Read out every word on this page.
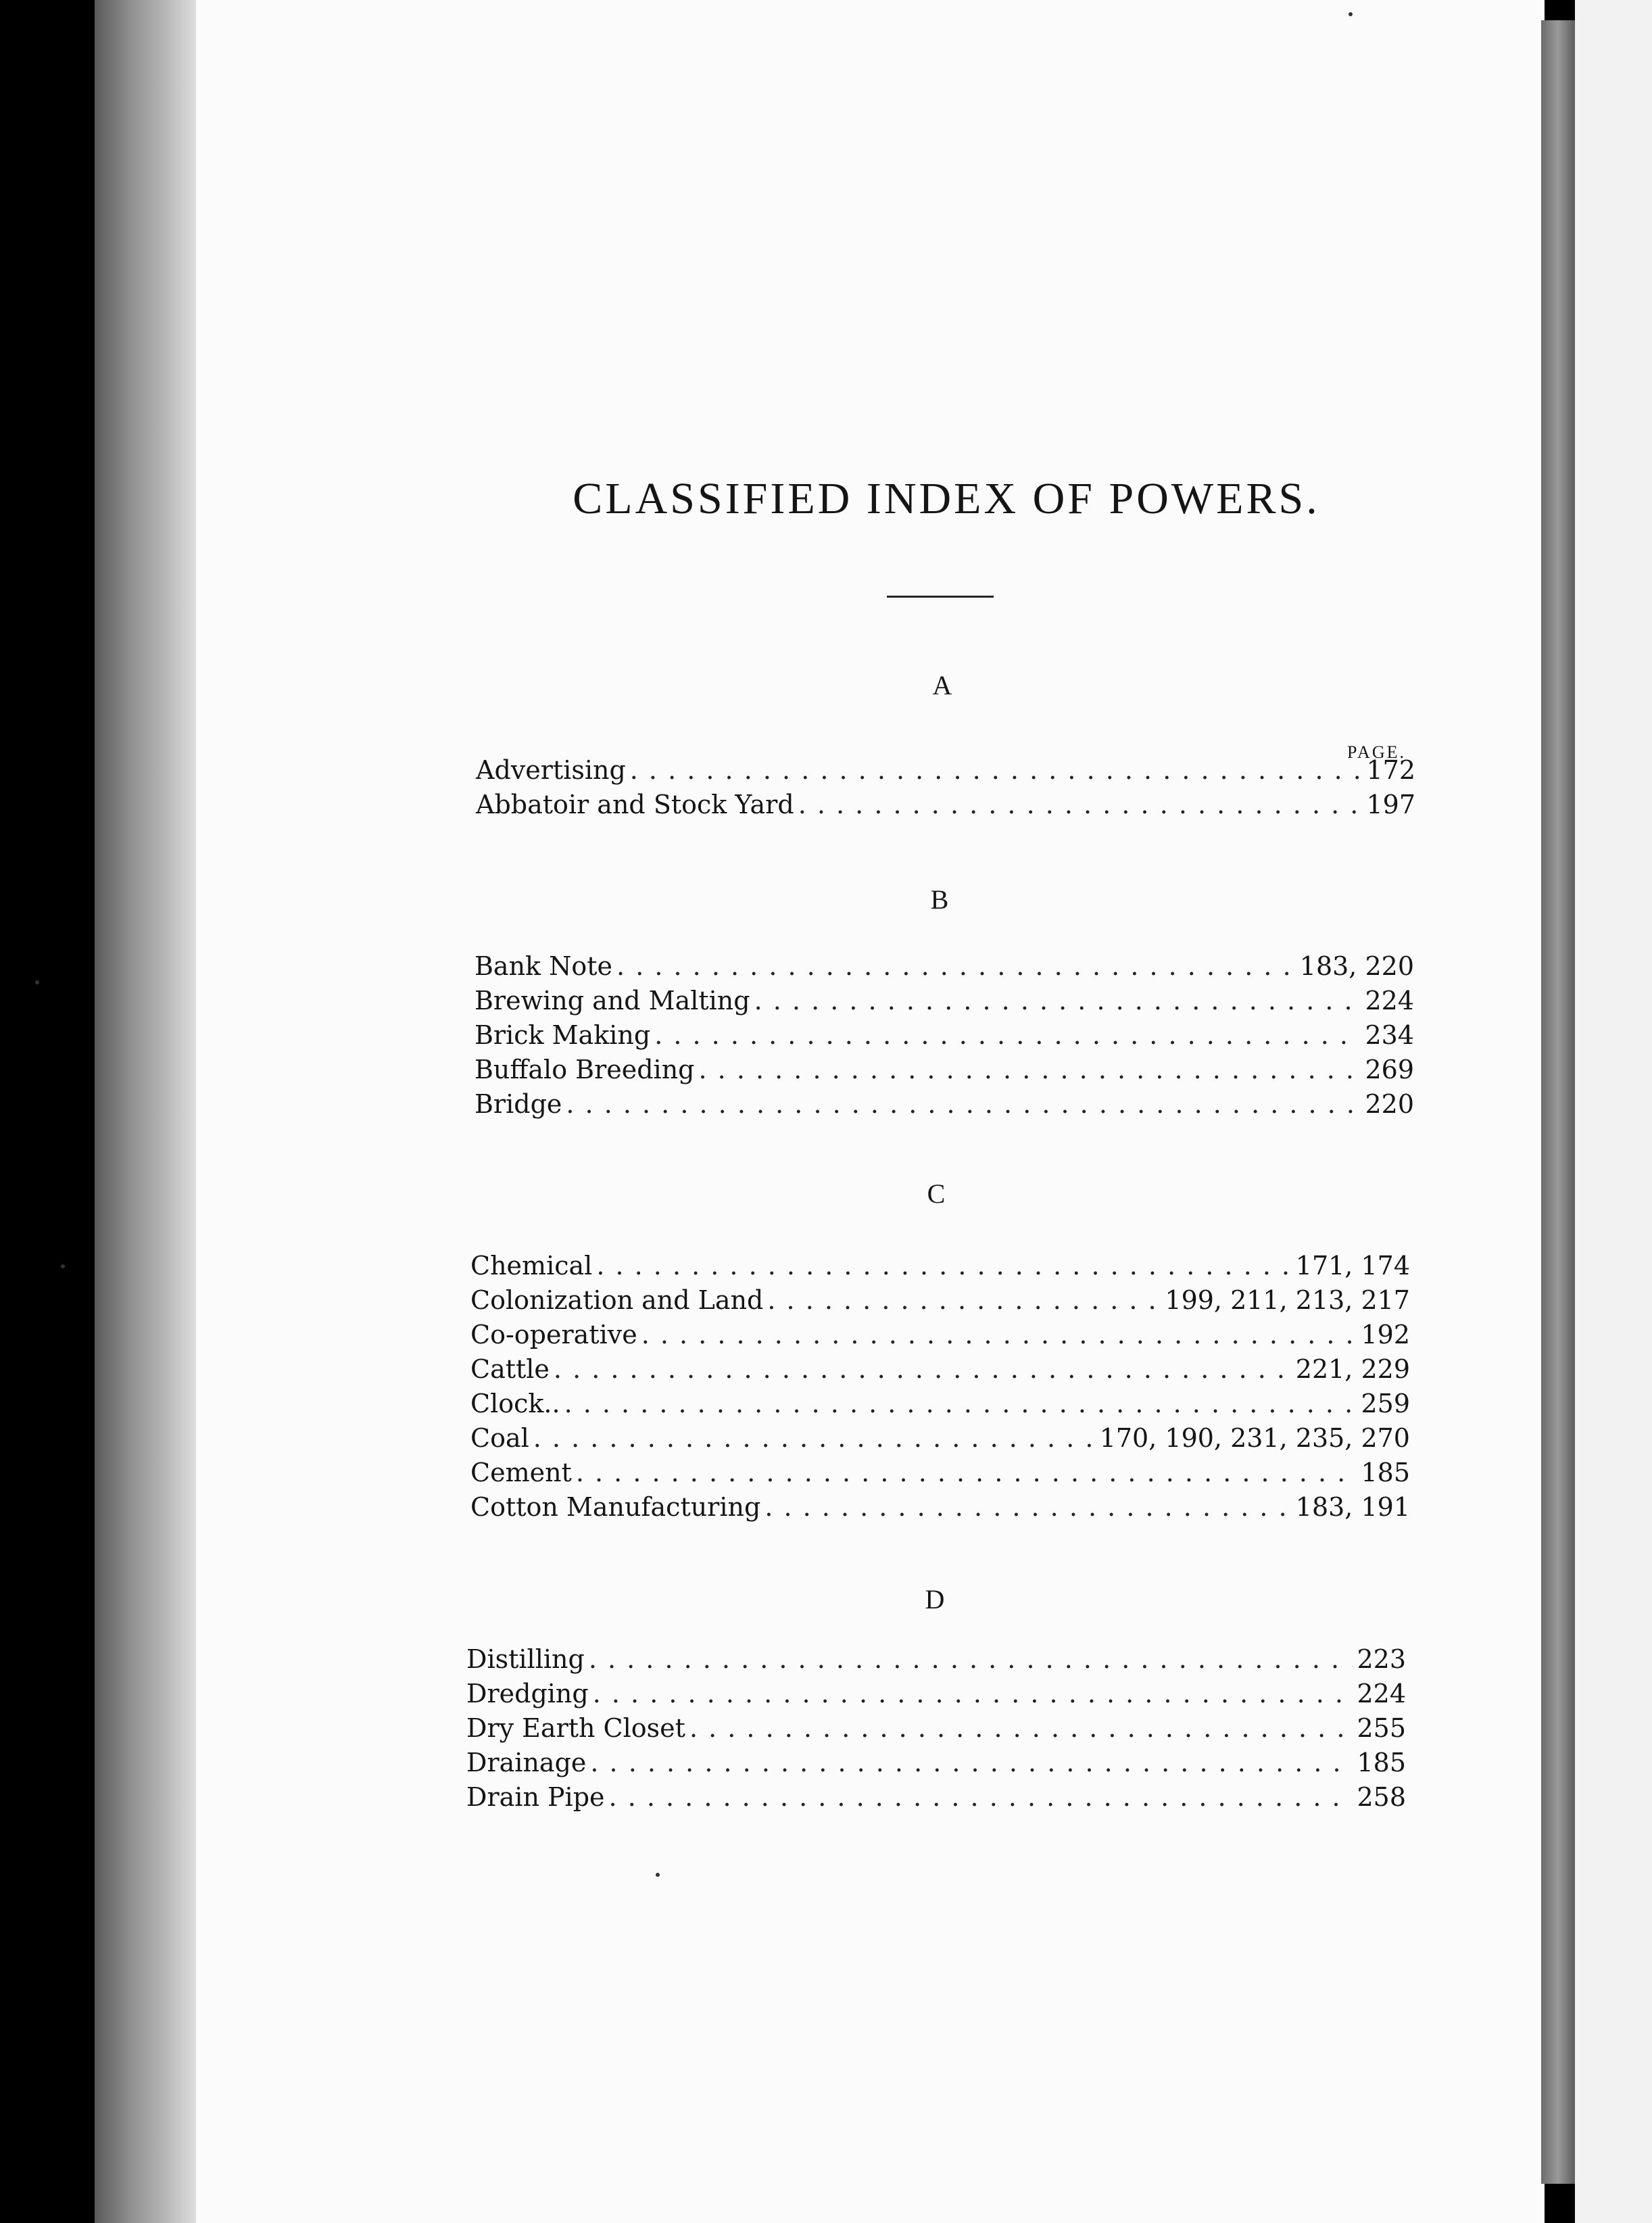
CLASSIFIED INDEX OF POWERS.
PAGE.
A
Advertising . . .	172
Abbatoir and Stock Yard . . .	197
B
Bank Note . . .	183, 220
Brewing and Malting . . .	224
Brick Making . . .	234
Buffalo Breeding . . .	269
Bridge . . .	220
C
Chemical . . .	171, 174
Colonization and Land . . .	199, 211, 213, 217
Co-operative . . .	192
Cattle . . .	221, 229
Clock.. . . .	259
Coal . . .	170, 190, 231, 235, 270
Cement . . .	185
Cotton Manufacturing . . .	183, 191
D
Distilling . . .	223
Dredging . . .	224
Dry Earth Closet . . .	255
Drainage . . .	185
Drain Pipe . . .	258
